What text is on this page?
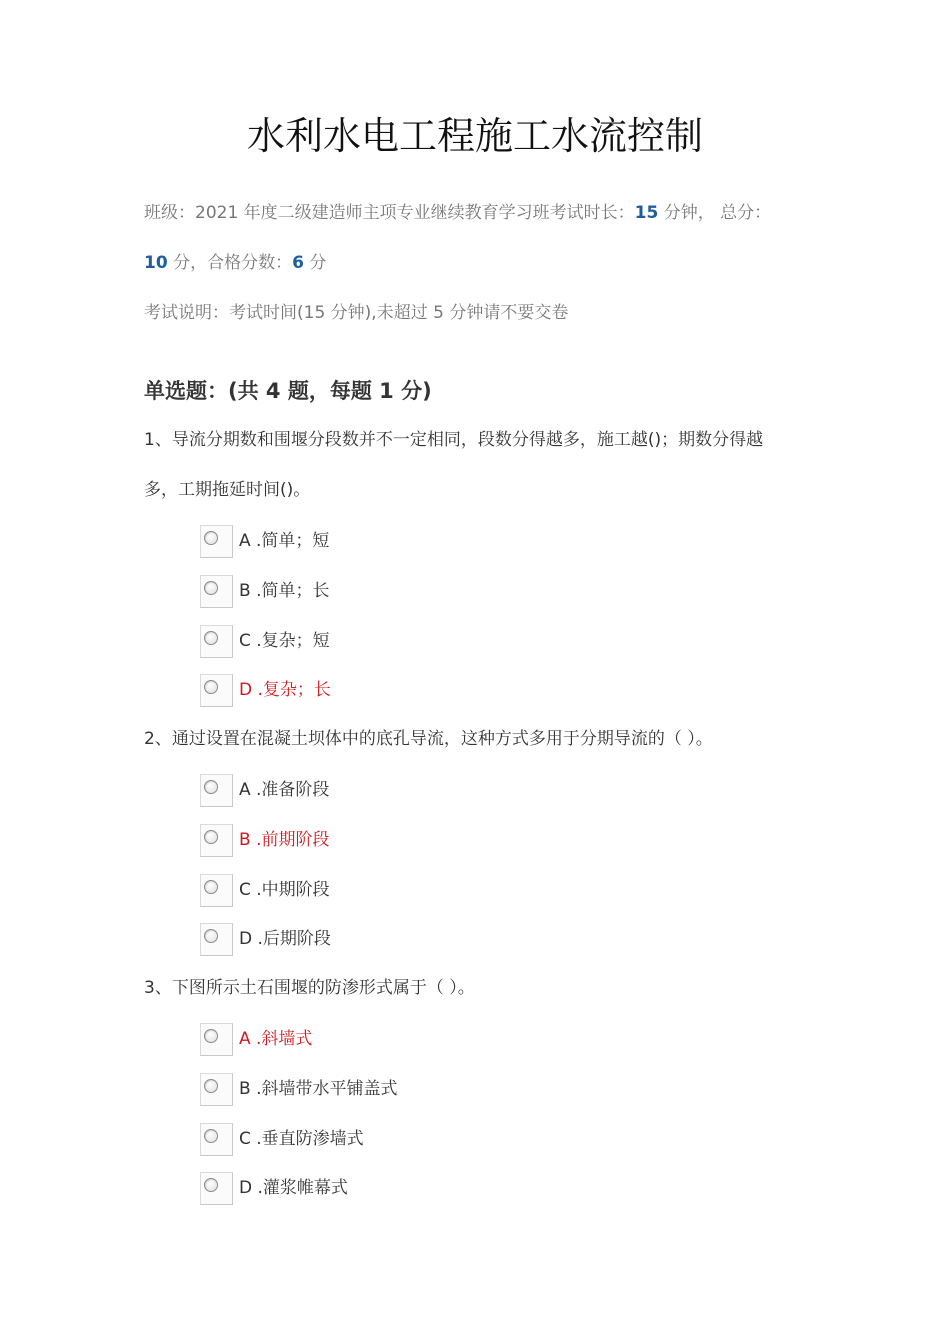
水利水电工程施工水流控制
班级：2021 年度二级建造师主项专业继续教育学习班考试时长：15 分钟， 总分：
10 分，合格分数：6 分
考试说明：考试时间(15 分钟),未超过 5 分钟请不要交卷
单选题：(共 4 题，每题 1 分)
1、导流分期数和围堰分段数并不一定相同，段数分得越多，施工越()；期数分得越
多，工期拖延时间()。
A .简单；短
B .简单；长
C .复杂；短
D .复杂；长
2、通过设置在混凝土坝体中的底孔导流，这种方式多用于分期导流的（ ）。
A .准备阶段
B .前期阶段
C .中期阶段
D .后期阶段
3、下图所示土石围堰的防渗形式属于（ ）。
A .斜墙式
B .斜墙带水平铺盖式
C .垂直防渗墙式
D .灌浆帷幕式
